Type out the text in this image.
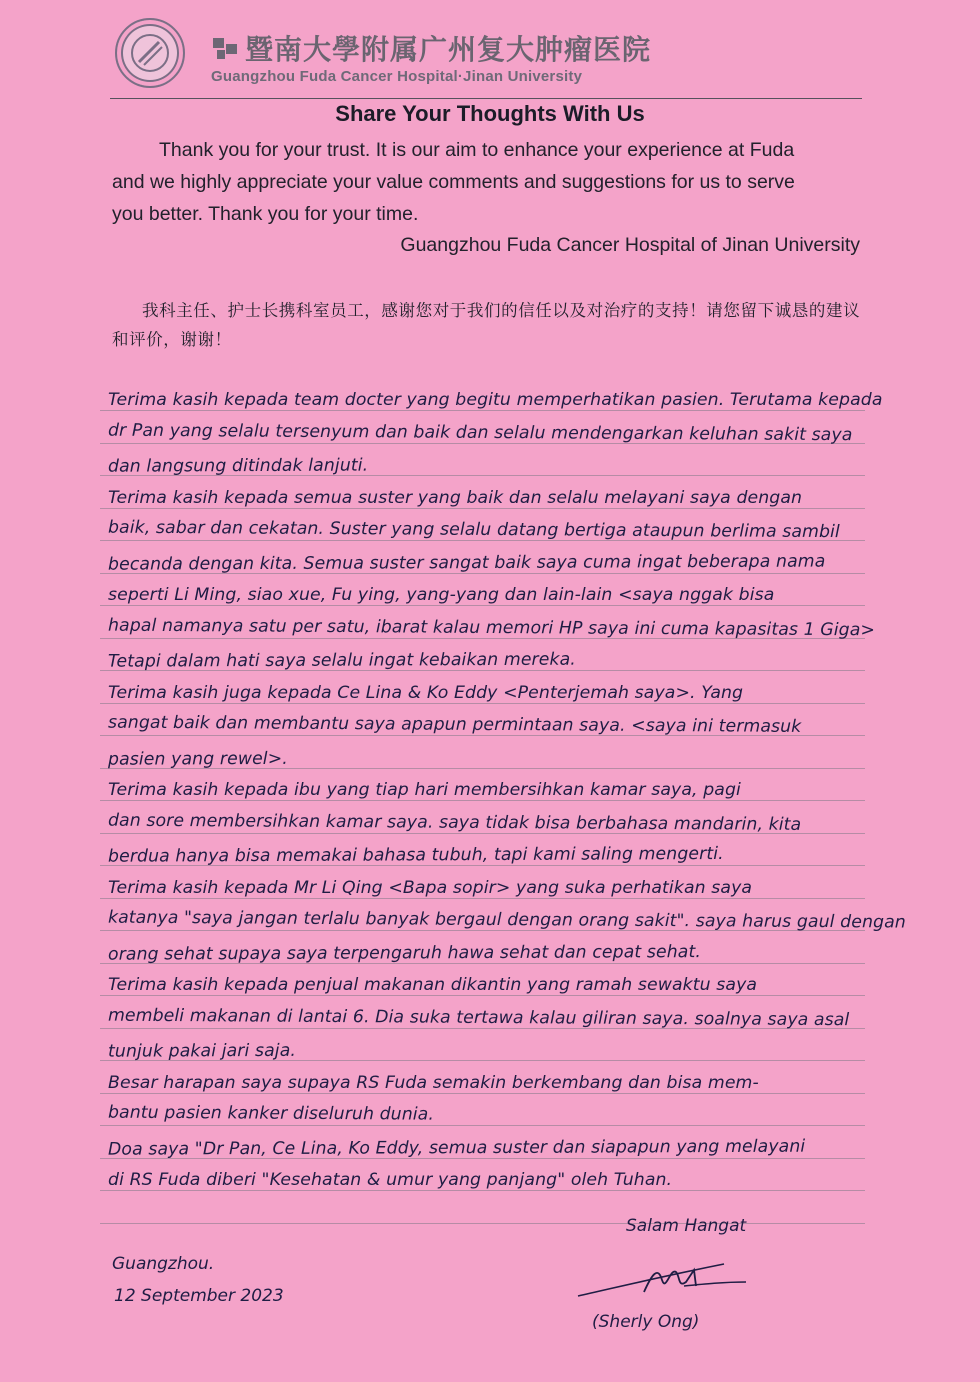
暨南大學附属广州复大肿瘤医院
Guangzhou Fuda Cancer Hospital·Jinan University
Share Your Thoughts With Us
Thank you for your trust. It is our aim to enhance your experience at Fuda
and we highly appreciate your value comments and suggestions for us to serve
you better. Thank you for your time.
Guangzhou Fuda Cancer Hospital of Jinan University
我科主任、护士长携科室员工，感谢您对于我们的信任以及对治疗的支持！请您留下诚恳的建议和评价，谢谢！
Terima kasih kepada team docter yang begitu memperhatikan pasien. Terutama kepada
dr Pan yang selalu tersenyum dan baik dan selalu mendengarkan keluhan sakit saya
dan langsung ditindak lanjuti.
Terima kasih kepada semua suster yang baik dan selalu melayani saya dengan
baik, sabar dan cekatan. Suster yang selalu datang bertiga ataupun berlima sambil
becanda dengan kita. Semua suster sangat baik saya cuma ingat beberapa nama
seperti Li Ming, siao xue, Fu ying, yang-yang dan lain-lain <saya nggak bisa
hapal namanya satu per satu, ibarat kalau memori HP saya ini cuma kapasitas 1 Giga>
Tetapi dalam hati saya selalu ingat kebaikan mereka.
Terima kasih juga kepada Ce Lina & Ko Eddy <Penterjemah saya>. Yang
sangat baik dan membantu saya apapun permintaan saya. <saya ini termasuk
pasien yang rewel>.
Terima kasih kepada ibu yang tiap hari membersihkan kamar saya, pagi
dan sore membersihkan kamar saya. saya tidak bisa berbahasa mandarin, kita
berdua hanya bisa memakai bahasa tubuh, tapi kami saling mengerti.
Terima kasih kepada Mr Li Qing <Bapa sopir> yang suka perhatikan saya
katanya "saya jangan terlalu banyak bergaul dengan orang sakit". saya harus gaul dengan
orang sehat supaya saya terpengaruh hawa sehat dan cepat sehat.
Terima kasih kepada penjual makanan dikantin yang ramah sewaktu saya
membeli makanan di lantai 6. Dia suka tertawa kalau giliran saya. soalnya saya asal
tunjuk pakai jari saja.
Besar harapan saya supaya RS Fuda semakin berkembang dan bisa mem-
bantu pasien kanker diseluruh dunia.
Doa saya "Dr Pan, Ce Lina, Ko Eddy, semua suster dan siapapun yang melayani
di RS Fuda diberi "Kesehatan & umur yang panjang" oleh Tuhan.
Salam Hangat
Guangzhou.
12 September 2023
(Sherly Ong)
